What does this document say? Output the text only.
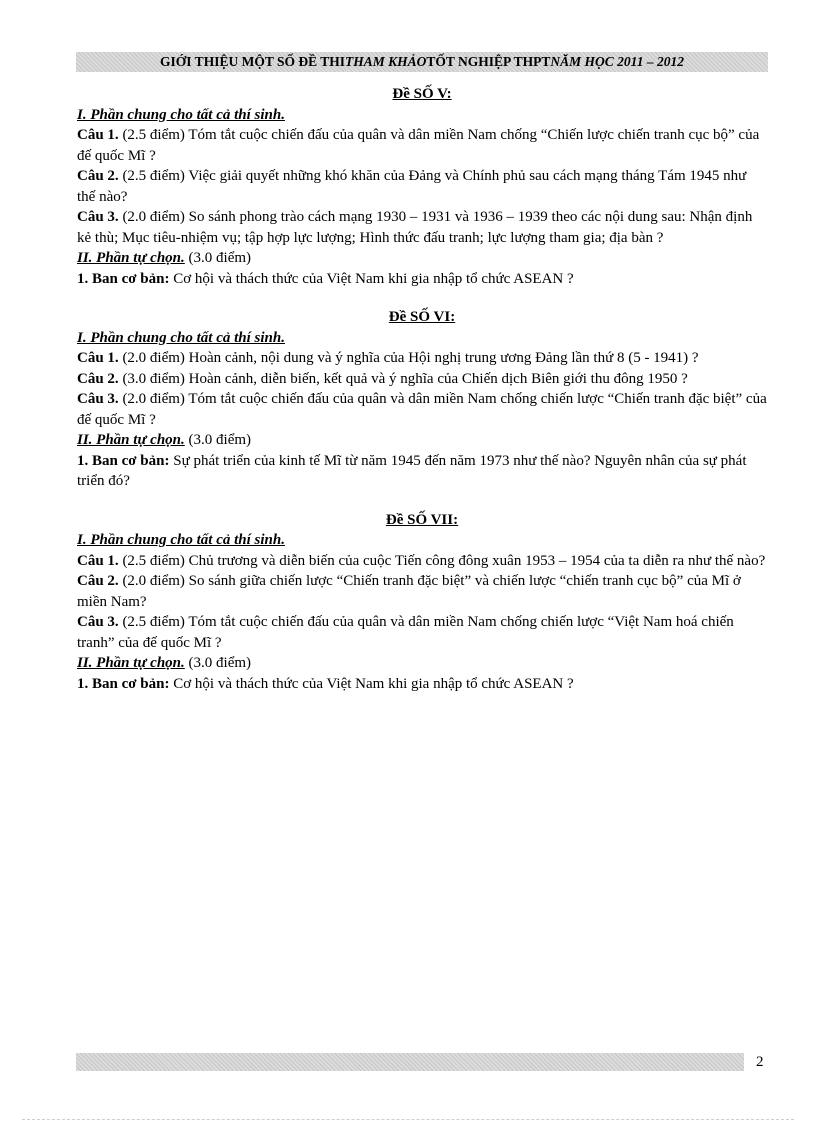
GIỚI THIỆU MỘT SỐ ĐỀ THI THAM KHẢO TỐT NGHIỆP THPT NĂM HỌC 2011 – 2012

Đề SỐ V:

I. Phần chung cho tất cả thí sinh.

Câu 1. (2.5 điểm) Tóm tắt cuộc chiến đấu của quân và dân miền Nam chống “Chiến lược chiến tranh cục bộ” của đế quốc Mĩ ?

Câu 2. (2.5 điểm) Việc giải quyết những khó khăn của Đảng và Chính phủ sau cách mạng tháng Tám 1945 như thế nào?

Câu 3. (2.0 điểm) So sánh phong trào cách mạng 1930 – 1931 và 1936 – 1939 theo các nội dung sau: Nhận định kẻ thù; Mục tiêu-nhiệm vụ; tập hợp lực lượng; Hình thức đấu tranh; lực lượng tham gia; địa bàn ?

II. Phần tự chọn. (3.0 điểm)

1. Ban cơ bản: Cơ hội và thách thức của Việt Nam khi gia nhập tổ chức ASEAN ?

Đề SỐ VI:

I. Phần chung cho tất cả thí sinh.

Câu 1. (2.0 điểm) Hoàn cảnh, nội dung và ý nghĩa của Hội nghị trung ương Đảng lần thứ 8 (5 - 1941) ?

Câu 2. (3.0 điểm) Hoàn cảnh, diễn biến, kết quả và ý nghĩa của Chiến dịch Biên giới thu đông 1950 ?

Câu 3. (2.0 điểm) Tóm tắt cuộc chiến đấu của quân và dân miền Nam chống chiến lược “Chiến tranh đặc biệt” của đế quốc Mĩ ?

II. Phần tự chọn. (3.0 điểm)

1. Ban cơ bản: Sự phát triển của kinh tế Mĩ từ năm 1945 đến năm 1973 như thế nào? Nguyên nhân của sự phát triển đó?

Đề SỐ VII:

I. Phần chung cho tất cả thí sinh.

Câu 1. (2.5 điểm) Chủ trương và diễn biến của cuộc Tiến công đông xuân 1953 – 1954 của ta diễn ra như thế nào?

Câu 2. (2.0 điểm) So sánh giữa chiến lược “Chiến tranh đặc biệt” và chiến lược “chiến tranh cục bộ” của Mĩ ở miền Nam?

Câu 3. (2.5 điểm) Tóm tắt cuộc chiến đấu của quân và dân miền Nam chống chiến lược “Việt Nam hoá chiến tranh” của đế quốc Mĩ ?

II. Phần tự chọn. (3.0 điểm)

1. Ban cơ bản: Cơ hội và thách thức của Việt Nam khi gia nhập tổ chức ASEAN ?

2
